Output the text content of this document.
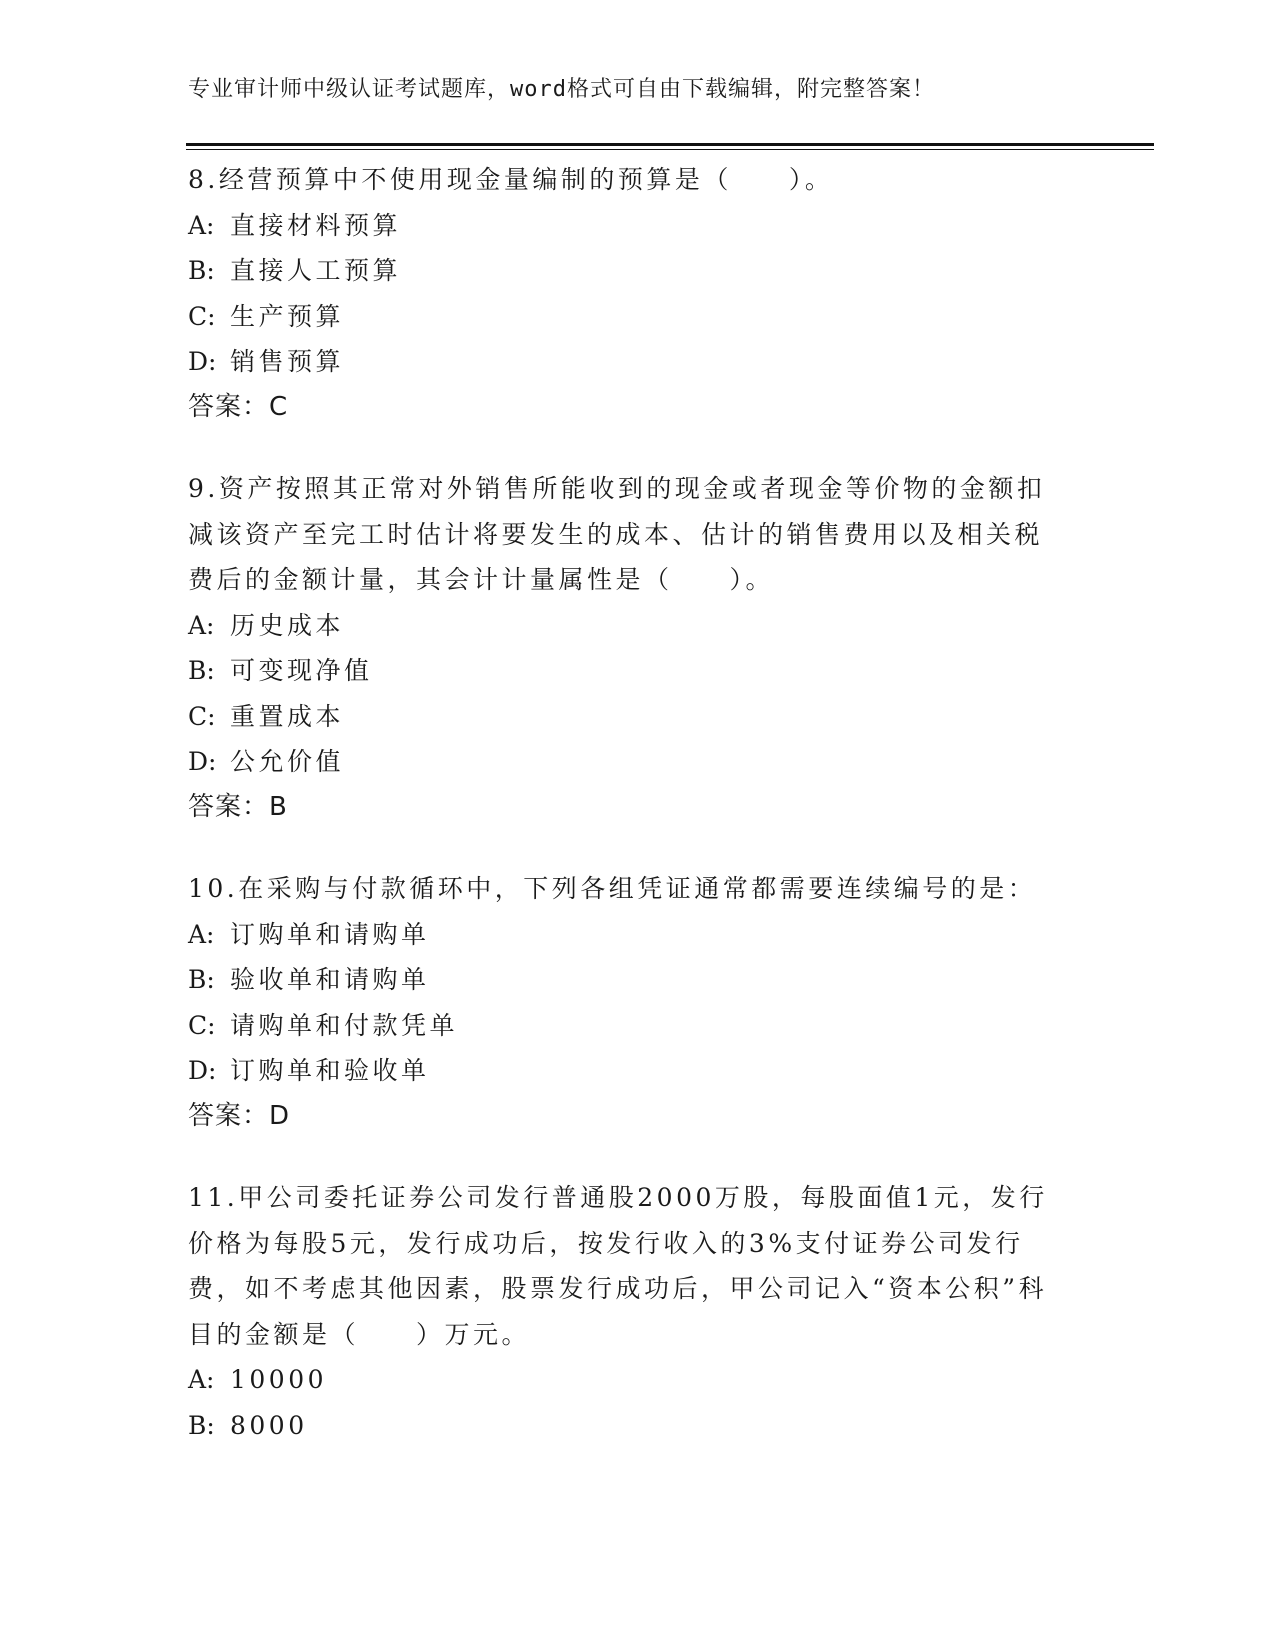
专业审计师中级认证考试题库，word格式可自由下载编辑，附完整答案！

8.经营预算中不使用现金量编制的预算是（　　）。

A: 直接材料预算

B: 直接人工预算

C: 生产预算

D: 销售预算

答案：C

9.资产按照其正常对外销售所能收到的现金或者现金等价物的金额扣减该资产至完工时估计将要发生的成本、估计的销售费用以及相关税费后的金额计量，其会计计量属性是（　　）。

A: 历史成本

B: 可变现净值

C: 重置成本

D: 公允价值

答案：B

10.在采购与付款循环中，下列各组凭证通常都需要连续编号的是：

A: 订购单和请购单

B: 验收单和请购单

C: 请购单和付款凭单

D: 订购单和验收单

答案：D

11.甲公司委托证券公司发行普通股2000万股，每股面值1元，发行价格为每股5元，发行成功后，按发行收入的3%支付证券公司发行费，如不考虑其他因素，股票发行成功后，甲公司记入“资本公积”科目的金额是（　　）万元。

A: 10000

B: 8000
